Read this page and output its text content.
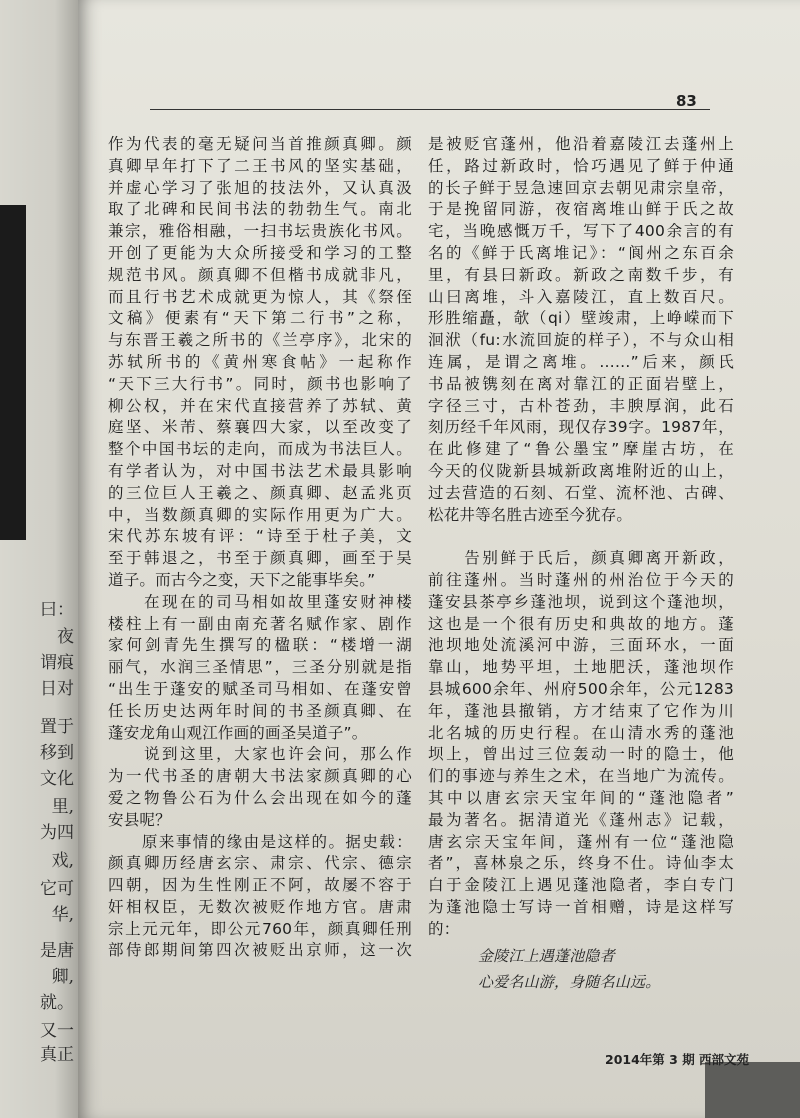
曰：
夜
谓痕
日对
置于
移到
文化
里,
为四
戏,
它可
华,
是唐
卿,
就。
又一
真正
83
作为代表的毫无疑问当首推颜真卿。颜
真卿早年打下了二王书风的坚实基础，
并虚心学习了张旭的技法外，又认真汲
取了北碑和民间书法的勃勃生气。南北
兼宗，雅俗相融，一扫书坛贵族化书风。
开创了更能为大众所接受和学习的工整
规范书风。颜真卿不但楷书成就非凡，
而且行书艺术成就更为惊人，其《祭侄
文稿》便素有“天下第二行书”之称，
与东晋王羲之所书的《兰亭序》，北宋的
苏轼所书的《黄州寒食帖》一起称作
“天下三大行书”。同时，颜书也影响了
柳公权，并在宋代直接营养了苏轼、黄
庭坚、米芾、蔡襄四大家，以至改变了
整个中国书坛的走向，而成为书法巨人。
有学者认为，对中国书法艺术最具影响
的三位巨人王羲之、颜真卿、赵孟兆页
中，当数颜真卿的实际作用更为广大。
宋代苏东坡有评：“诗至于杜子美，文
至于韩退之，书至于颜真卿，画至于吴
道子。而古今之变，天下之能事毕矣。”
　　在现在的司马相如故里蓬安财神楼
楼柱上有一副由南充著名赋作家、剧作
家何剑青先生撰写的楹联：“楼增一湖
丽气，水润三圣情思”，三圣分别就是指
“出生于蓬安的赋圣司马相如、在蓬安曾
任长历史达两年时间的书圣颜真卿、在
蓬安龙角山观江作画的画圣吴道子”。
　　说到这里，大家也许会问，那么作
为一代书圣的唐朝大书法家颜真卿的心
爱之物鲁公石为什么会出现在如今的蓬
安县呢？
　　原来事情的缘由是这样的。据史载：
颜真卿历经唐玄宗、肃宗、代宗、德宗
四朝，因为生性刚正不阿，故屡不容于
奸相权臣，无数次被贬作地方官。唐肃
宗上元元年，即公元760年，颜真卿任刑
部侍郎期间第四次被贬出京师，这一次
是被贬官蓬州，他沿着嘉陵江去蓬州上
任，路过新政时，恰巧遇见了鲜于仲通
的长子鲜于昱急速回京去朝见肃宗皇帝，
于是挽留同游，夜宿离堆山鲜于氏之故
宅，当晚感慨万千，写下了400余言的有
名的《鲜于氏离堆记》：“阆州之东百余
里，有县曰新政。新政之南数千步，有
山曰离堆，斗入嘉陵江，直上数百尺。
形胜缩矗，欹（qi）壁竣肃，上峥嵘而下
洄洑（fu:水流回旋的样子），不与众山相
连属，是谓之离堆。……”后来，颜氏
书品被镌刻在离对靠江的正面岩壁上，
字径三寸，古朴苍劲，丰腴厚润，此石
刻历经千年风雨，现仅存39字。1987年，
在此修建了“鲁公墨宝”摩崖古坊，在
今天的仪陇新县城新政离堆附近的山上，
过去营造的石刻、石堂、流杯池、古碑、
松花井等名胜古迹至今犹存。
　　告别鲜于氏后，颜真卿离开新政，
前往蓬州。当时蓬州的州治位于今天的
蓬安县茶亭乡蓬池坝，说到这个蓬池坝，
这也是一个很有历史和典故的地方。蓬
池坝地处流溪河中游，三面环水，一面
靠山，地势平坦，土地肥沃，蓬池坝作
县城600余年、州府500余年，公元1283
年，蓬池县撤销，方才结束了它作为川
北名城的历史行程。在山清水秀的蓬池
坝上，曾出过三位轰动一时的隐士，他
们的事迹与养生之术，在当地广为流传。
其中以唐玄宗天宝年间的“蓬池隐者”
最为著名。据清道光《蓬州志》记载，
唐玄宗天宝年间，蓬州有一位“蓬池隐
者”，喜林泉之乐，终身不仕。诗仙李太
白于金陵江上遇见蓬池隐者，李白专门
为蓬池隐士写诗一首相赠，诗是这样写
的：
金陵江上遇蓬池隐者
心爱名山游，身随名山远。
2014年第 3 期 西部文苑
